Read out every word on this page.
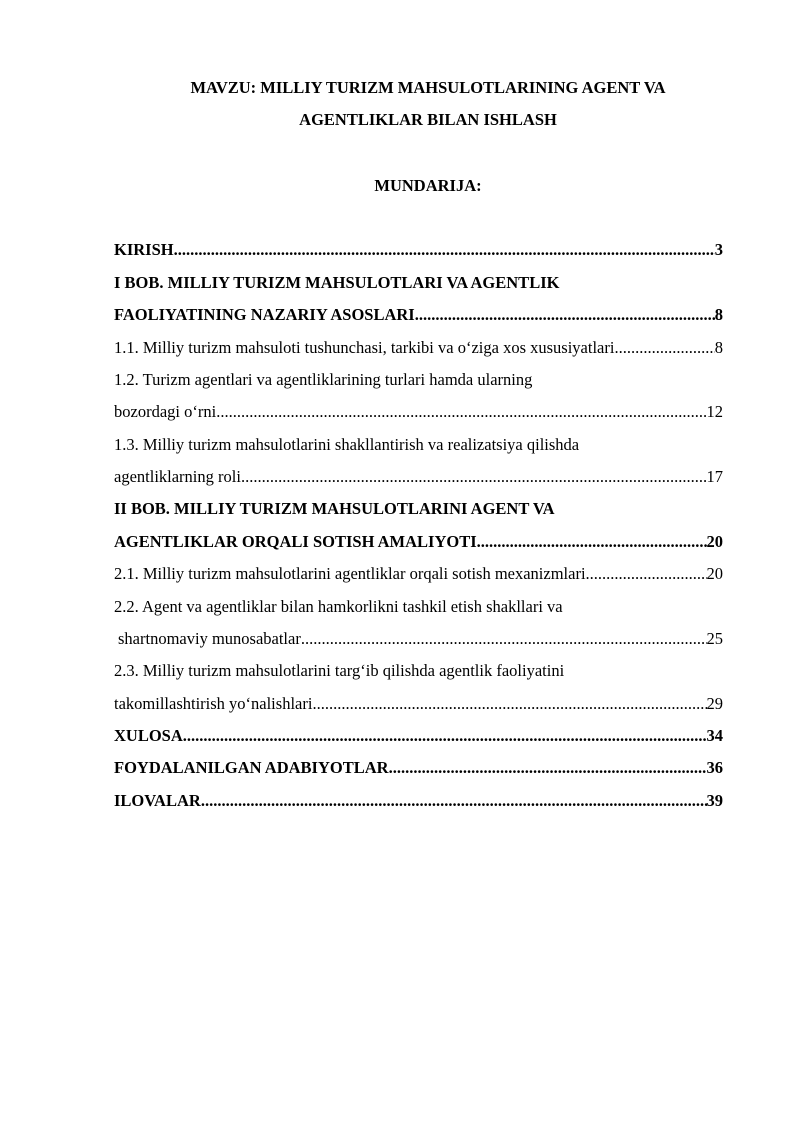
MAVZU: MILLIY TURIZM MAHSULOTLARINING AGENT VA
AGENTLIKLAR BILAN ISHLASH
MUNDARIJA:
KIRISH .....	3
I BOB. MILLIY TURIZM MAHSULOTLARI VA AGENTLIK
FAOLIYATINING NAZARIY ASOSLARI .....	8
1.1. Milliy turizm mahsuloti tushunchasi, tarkibi va o‘ziga xos xususiyatlari .....	8
1.2. Turizm agentlari va agentliklarining turlari hamda ularning
bozordagi o‘rni .....	12
1.3. Milliy turizm mahsulotlarini shakllantirish va realizatsiya qilishda
agentliklarning roli .....	17
II BOB. MILLIY TURIZM MAHSULOTLARINI AGENT VA
AGENTLIKLAR ORQALI SOTISH AMALIYOTI .....	20
2.1. Milliy turizm mahsulotlarini agentliklar orqali sotish mexanizmlari .....	20
2.2. Agent va agentliklar bilan hamkorlikni tashkil etish shakllari va
shartnomaviy munosabatlar .....	25
2.3. Milliy turizm mahsulotlarini targ‘ib qilishda agentlik faoliyatini
takomillashtirish yo‘nalishlari .....	29
XULOSA .....	34
FOYDALANILGAN ADABIYOTLAR .....	36
ILOVALAR .....	39
